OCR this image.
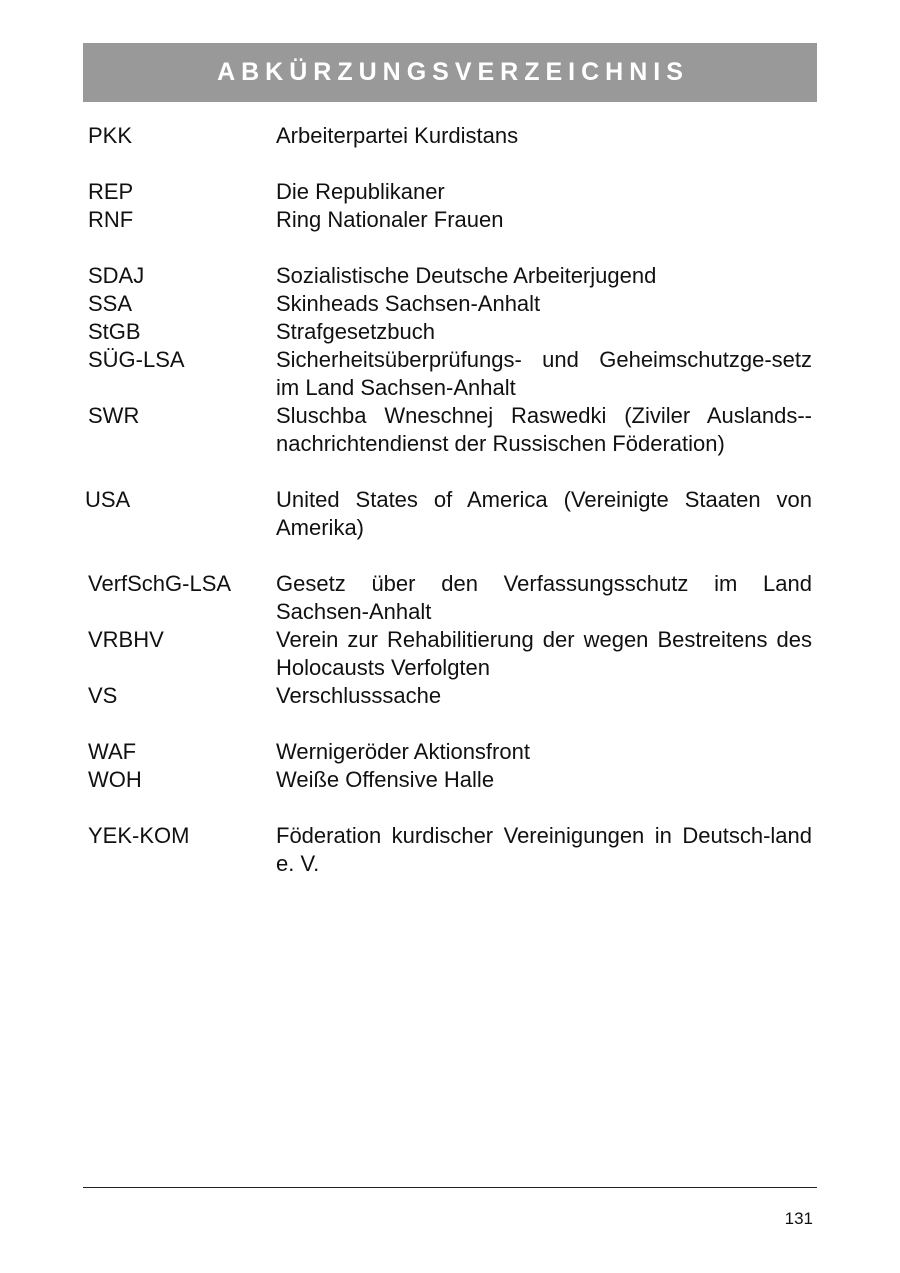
ABKÜRZUNGSVERZEICHNIS
PKK	Arbeiterpartei Kurdistans
REP	Die Republikaner
RNF	Ring Nationaler Frauen
SDAJ	Sozialistische Deutsche Arbeiterjugend
SSA	Skinheads Sachsen-Anhalt
StGB	Strafgesetzbuch
SÜG-LSA	Sicherheitsüberprüfungs- und Geheimschutzge-setz im Land Sachsen-Anhalt
SWR	Sluschba Wneschnej Raswedki (Ziviler Auslands-nachrichtendienst der Russischen Föderation)
USA	United States of America (Vereinigte Staaten von Amerika)
VerfSchG-LSA Gesetz über den Verfassungsschutz im Land Sachsen-Anhalt
VRBHV	Verein zur Rehabilitierung der wegen Bestreitens des Holocausts Verfolgten
VS	Verschlusssache
WAF	Wernigeröder Aktionsfront
WOH	Weiße Offensive Halle
YEK-KOM	Föderation kurdischer Vereinigungen in Deutsch-land e. V.
131
